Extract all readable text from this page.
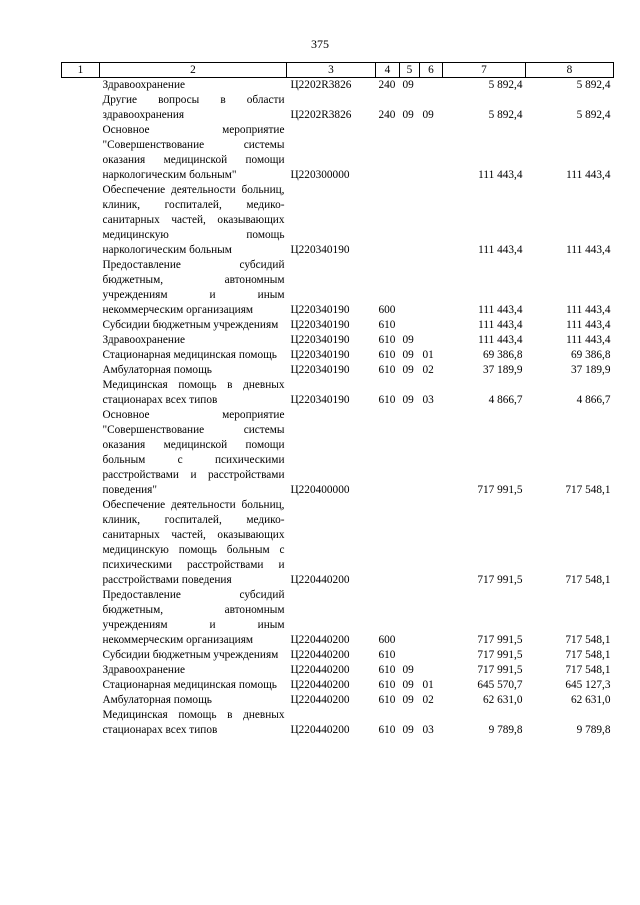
375
1	2	3	4	5	6	7	8
	Здравоохранение	Ц2202R3826	240	09		5 892,4	5 892,4
	Другие вопросы в области здравоохранения	Ц2202R3826	240	09	09	5 892,4	5 892,4
	Основное мероприятие "Совершенствование системы оказания медицинской помощи наркологическим больным"	Ц220300000				111 443,4	111 443,4
	Обеспечение деятельности больниц, клиник, госпиталей, медико-санитарных частей, оказывающих медицинскую помощь наркологическим больным	Ц220340190				111 443,4	111 443,4
	Предоставление субсидий бюджетным, автономным учреждениям и иным некоммерческим организациям	Ц220340190	600			111 443,4	111 443,4
	Субсидии бюджетным учреждениям	Ц220340190	610			111 443,4	111 443,4
	Здравоохранение	Ц220340190	610	09		111 443,4	111 443,4
	Стационарная медицинская помощь	Ц220340190	610	09	01	69 386,8	69 386,8
	Амбулаторная помощь	Ц220340190	610	09	02	37 189,9	37 189,9
	Медицинская помощь в дневных стационарах всех типов	Ц220340190	610	09	03	4 866,7	4 866,7
	Основное мероприятие "Совершенствование системы оказания медицинской помощи больным с психическими расстройствами и расстройствами поведения"	Ц220400000				717 991,5	717 548,1
	Обеспечение деятельности больниц, клиник, госпиталей, медико-санитарных частей, оказывающих медицинскую помощь больным с психическими расстройствами и расстройствами поведения	Ц220440200				717 991,5	717 548,1
	Предоставление субсидий бюджетным, автономным учреждениям и иным некоммерческим организациям	Ц220440200	600			717 991,5	717 548,1
	Субсидии бюджетным учреждениям	Ц220440200	610			717 991,5	717 548,1
	Здравоохранение	Ц220440200	610	09		717 991,5	717 548,1
	Стационарная медицинская помощь	Ц220440200	610	09	01	645 570,7	645 127,3
	Амбулаторная помощь	Ц220440200	610	09	02	62 631,0	62 631,0
	Медицинская помощь в дневных стационарах всех типов	Ц220440200	610	09	03	9 789,8	9 789,8
